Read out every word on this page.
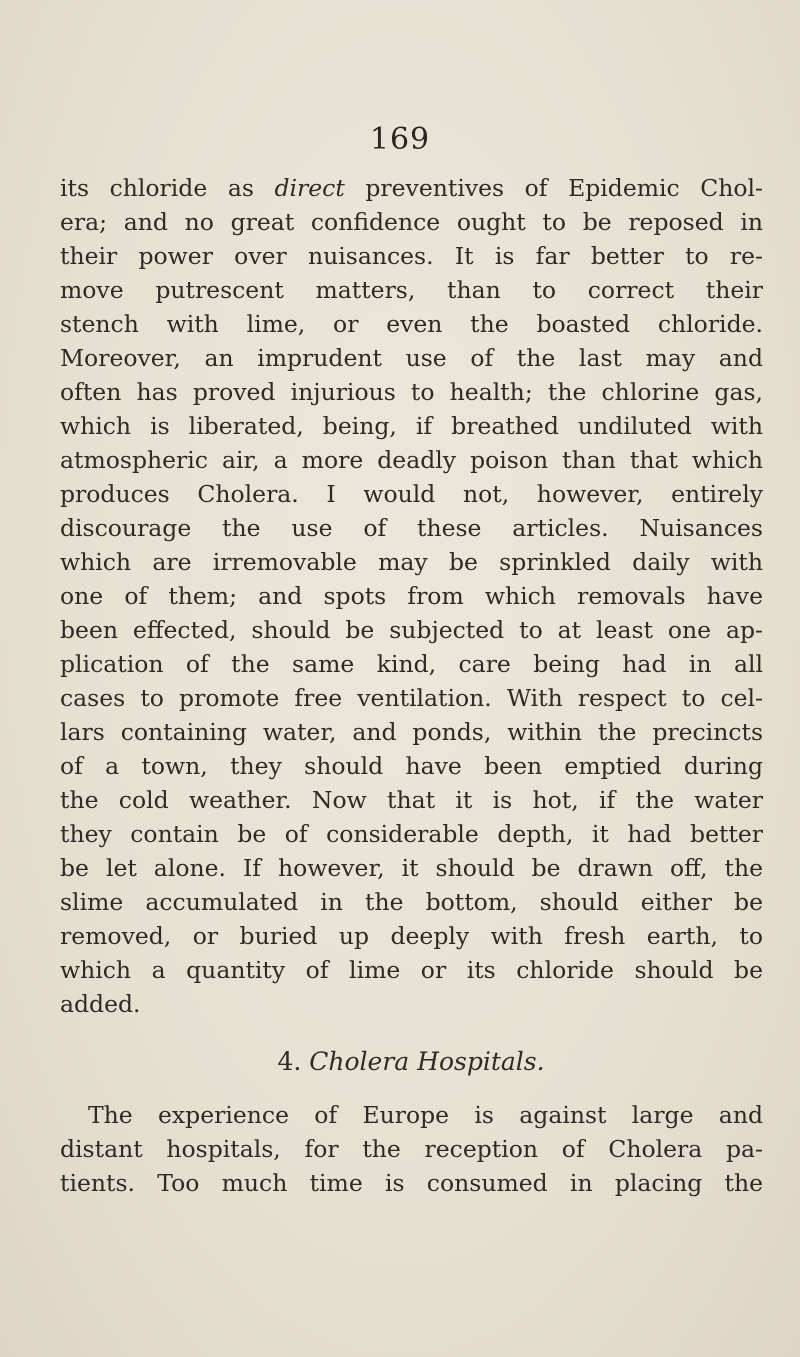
169
its chloride as direct preventives of Epidemic Chol-
era; and no great confidence ought to be reposed in
their power over nuisances. It is far better to re-
move putrescent matters, than to correct their
stench with lime, or even the boasted chloride.
Moreover, an imprudent use of the last may and
often has proved injurious to health; the chlorine gas,
which is liberated, being, if breathed undiluted with
atmospheric air, a more deadly poison than that which
produces Cholera. I would not, however, entirely
discourage the use of these articles. Nuisances
which are irremovable may be sprinkled daily with
one of them; and spots from which removals have
been effected, should be subjected to at least one ap-
plication of the same kind, care being had in all
cases to promote free ventilation. With respect to cel-
lars containing water, and ponds, within the precincts
of a town, they should have been emptied during
the cold weather. Now that it is hot, if the water
they contain be of considerable depth, it had better
be let alone. If however, it should be drawn off, the
slime accumulated in the bottom, should either be
removed, or buried up deeply with fresh earth, to
which a quantity of lime or its chloride should be
added.
4. Cholera Hospitals.
The experience of Europe is against large and
distant hospitals, for the reception of Cholera pa-
tients. Too much time is consumed in placing the
